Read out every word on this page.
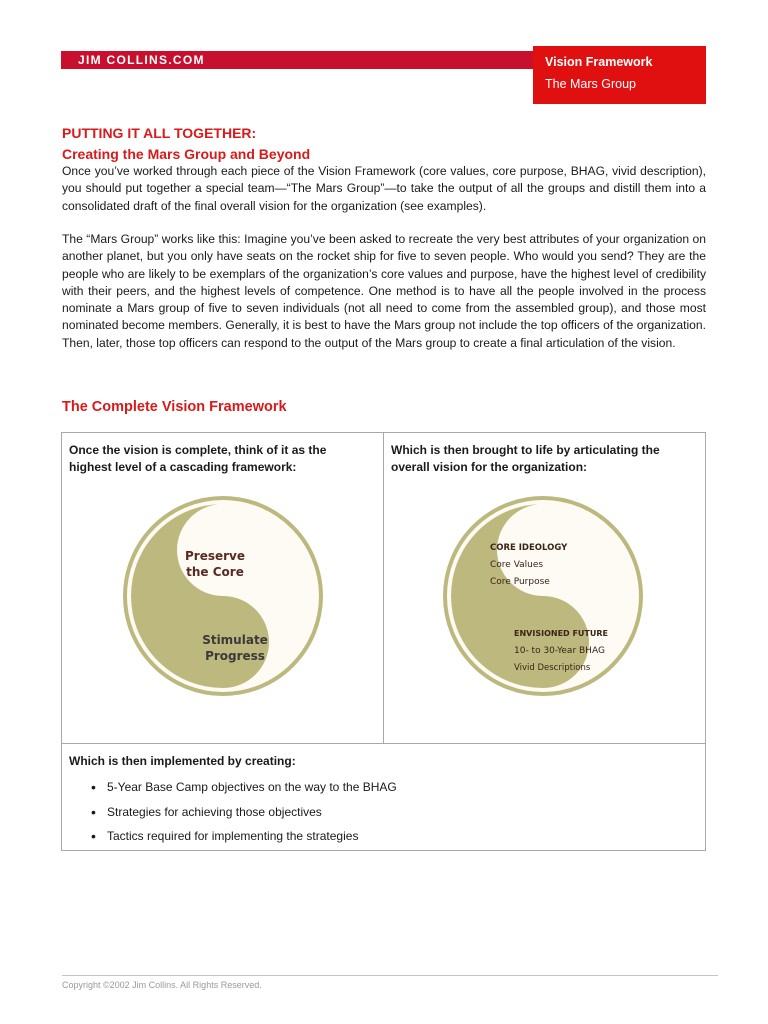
JIM COLLINS.COM	Vision Framework
The Mars Group
PUTTING IT ALL TOGETHER:
Creating the Mars Group and Beyond

Once you’ve worked through each piece of the Vision Framework (core values, core purpose, BHAG, vivid description), you should put together a special team—“The Mars Group”—to take the output of all the groups and distill them into a consolidated draft of the final overall vision for the organization (see examples).

The “Mars Group” works like this: Imagine you’ve been asked to recreate the very best attributes of your organization on another planet, but you only have seats on the rocket ship for five to seven people. Who would you send? They are the people who are likely to be exemplars of the organization’s core values and purpose, have the highest level of credibility with their peers, and the highest levels of competence. One method is to have all the people involved in the process nominate a Mars group of five to seven individuals (not all need to come from the assembled group), and those most nominated become members. Generally, it is best to have the Mars group not include the top officers of the organization. Then, later, those top officers can respond to the output of the Mars group to create a final articulation of the vision.

The Complete Vision Framework

Once the vision is complete, think of it as the highest level of a cascading framework:

Preserve
the Core
Stimulate
Progress

Which is then brought to life by articulating the overall vision for the organization:

CORE IDEOLOGY
Core Values
Core Purpose
ENVISIONED FUTURE
10- to 30-Year BHAG
Vivid Descriptions

Which is then implemented by creating:

• 5-Year Base Camp objectives on the way to the BHAG
• Strategies for achieving those objectives
• Tactics required for implementing the strategies

Copyright ©2002 Jim Collins. All Rights Reserved.
